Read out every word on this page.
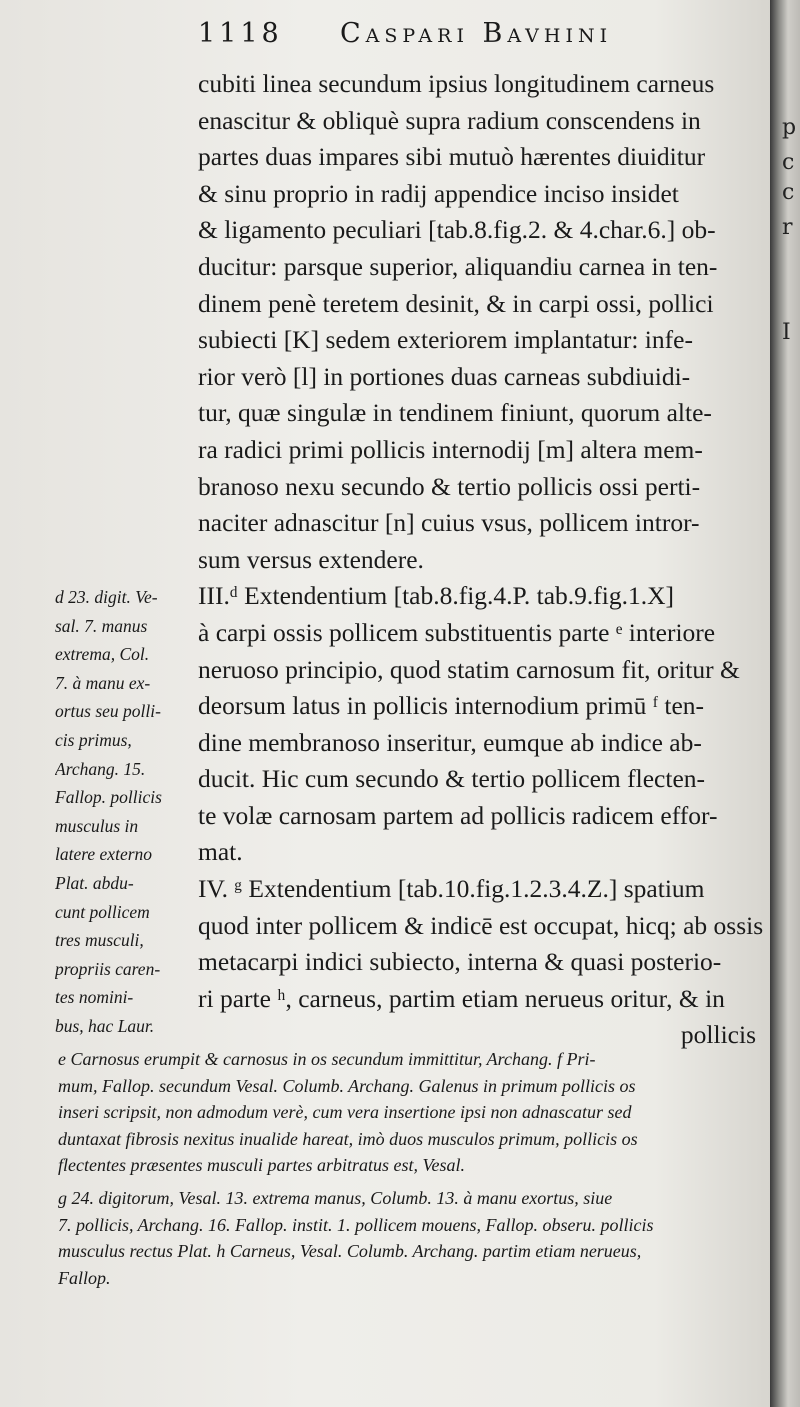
1118 Caspari Bavhini
cubiti linea secundum ipsius longitudinem carneus
enascitur & obliquè supra radium conscendens in
partes duas impares sibi mutuò hærentes diuiditur
& sinu proprio in radij appendice inciso insidet
& ligamento peculiari [tab.8.fig.2. & 4.char.6.] ob-
ducitur: parsque superior, aliquandiu carnea in ten-
dinem penè teretem desinit, & in carpi ossi, pollici
subiecti [K] sedem exteriorem implantatur: infe-
rior verò [l] in portiones duas carneas subdiuidi-
tur, quæ singulæ in tendinem finiunt, quorum alte-
ra radici primi pollicis internodij [m] altera mem-
branoso nexu secundo & tertio pollicis ossi perti-
naciter adnascitur [n] cuius vsus, pollicem intror-
sum versus extendere.
III.ᵈ Extendentium [tab.8.fig.4.P. tab.9.fig.1.X]
à carpi ossis pollicem substituentis parte ᵉ interiore
neruoso principio, quod statim carnosum fit, oritur &
deorsum latus in pollicis internodium primū ᶠ ten-
dine membranoso inseritur, eumque ab indice ab-
ducit. Hic cum secundo & tertio pollicem flecten-
te volæ carnosam partem ad pollicis radicem effor-
mat.
IV. ᵍ Extendentium [tab.10.fig.1.2.3.4.Z.] spatium
quod inter pollicem & indicē est occupat, hicq; ab ossis
metacarpi indici subiecto, interna & quasi posterio-
ri parte ʰ, carneus, partim etiam nerueus oritur, & in
pollicis
d 23. digit. Ve-
sal. 7. manus
extrema, Col.
7. à manu ex-
ortus seu polli-
cis primus,
Archang. 15.
Fallop. pollicis
musculus in
latere externo
Plat. abdu-
cunt pollicem
tres musculi,
propriis caren-
tes nomini-
bus, hac Laur.
e Carnosus erumpit & carnosus in os secundum immittitur, Archang. f Pri-
mum, Fallop. secundum Vesal. Columb. Archang. Galenus in primum pollicis os
inseri scripsit, non admodum verè, cum vera insertione ipsi non adnascatur sed
duntaxat fibrosis nexitus inualide hareat, imò duos musculos primum, pollicis os
flectentes præsentes musculi partes arbitratus est, Vesal.
g 24. digitorum, Vesal. 13. extrema manus, Columb. 13. à manu exortus, siue
7. pollicis, Archang. 16. Fallop. instit. 1. pollicem mouens, Fallop. obseru. pollicis
musculus rectus Plat. h Carneus, Vesal. Columb. Archang. partim etiam nerueus,
Fallop.
p
c
c
r
I
